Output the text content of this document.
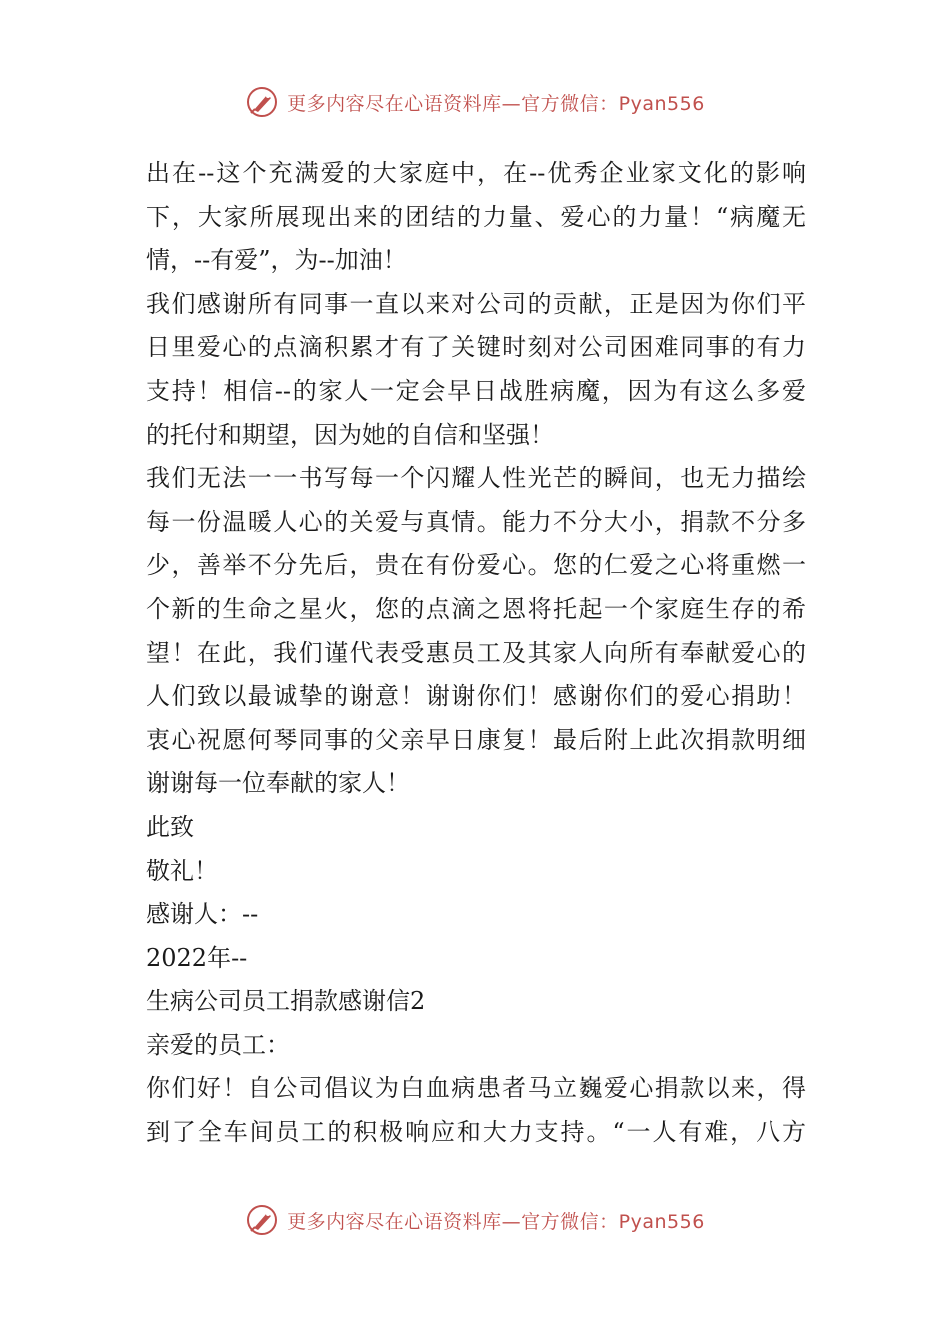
更多内容尽在心语资料库—官方微信：Pyan556
出在--这个充满爱的大家庭中，在--优秀企业家文化的影响
下，大家所展现出来的团结的力量、爱心的力量！“病魔无
情，--有爱”，为--加油！
我们感谢所有同事一直以来对公司的贡献，正是因为你们平
日里爱心的点滴积累才有了关键时刻对公司困难同事的有力
支持！相信--的家人一定会早日战胜病魔，因为有这么多爱
的托付和期望，因为她的自信和坚强！
我们无法一一书写每一个闪耀人性光芒的瞬间，也无力描绘
每一份温暖人心的关爱与真情。能力不分大小，捐款不分多
少，善举不分先后，贵在有份爱心。您的仁爱之心将重燃一
个新的生命之星火，您的点滴之恩将托起一个家庭生存的希
望！在此，我们谨代表受惠员工及其家人向所有奉献爱心的
人们致以最诚挚的谢意！谢谢你们！感谢你们的爱心捐助！
衷心祝愿何琴同事的父亲早日康复！最后附上此次捐款明细
谢谢每一位奉献的家人！
此致
敬礼！
感谢人：--
2022年--
生病公司员工捐款感谢信2
亲爱的员工：
你们好！自公司倡议为白血病患者马立巍爱心捐款以来，得
到了全车间员工的积极响应和大力支持。“一人有难，八方
更多内容尽在心语资料库—官方微信：Pyan556
